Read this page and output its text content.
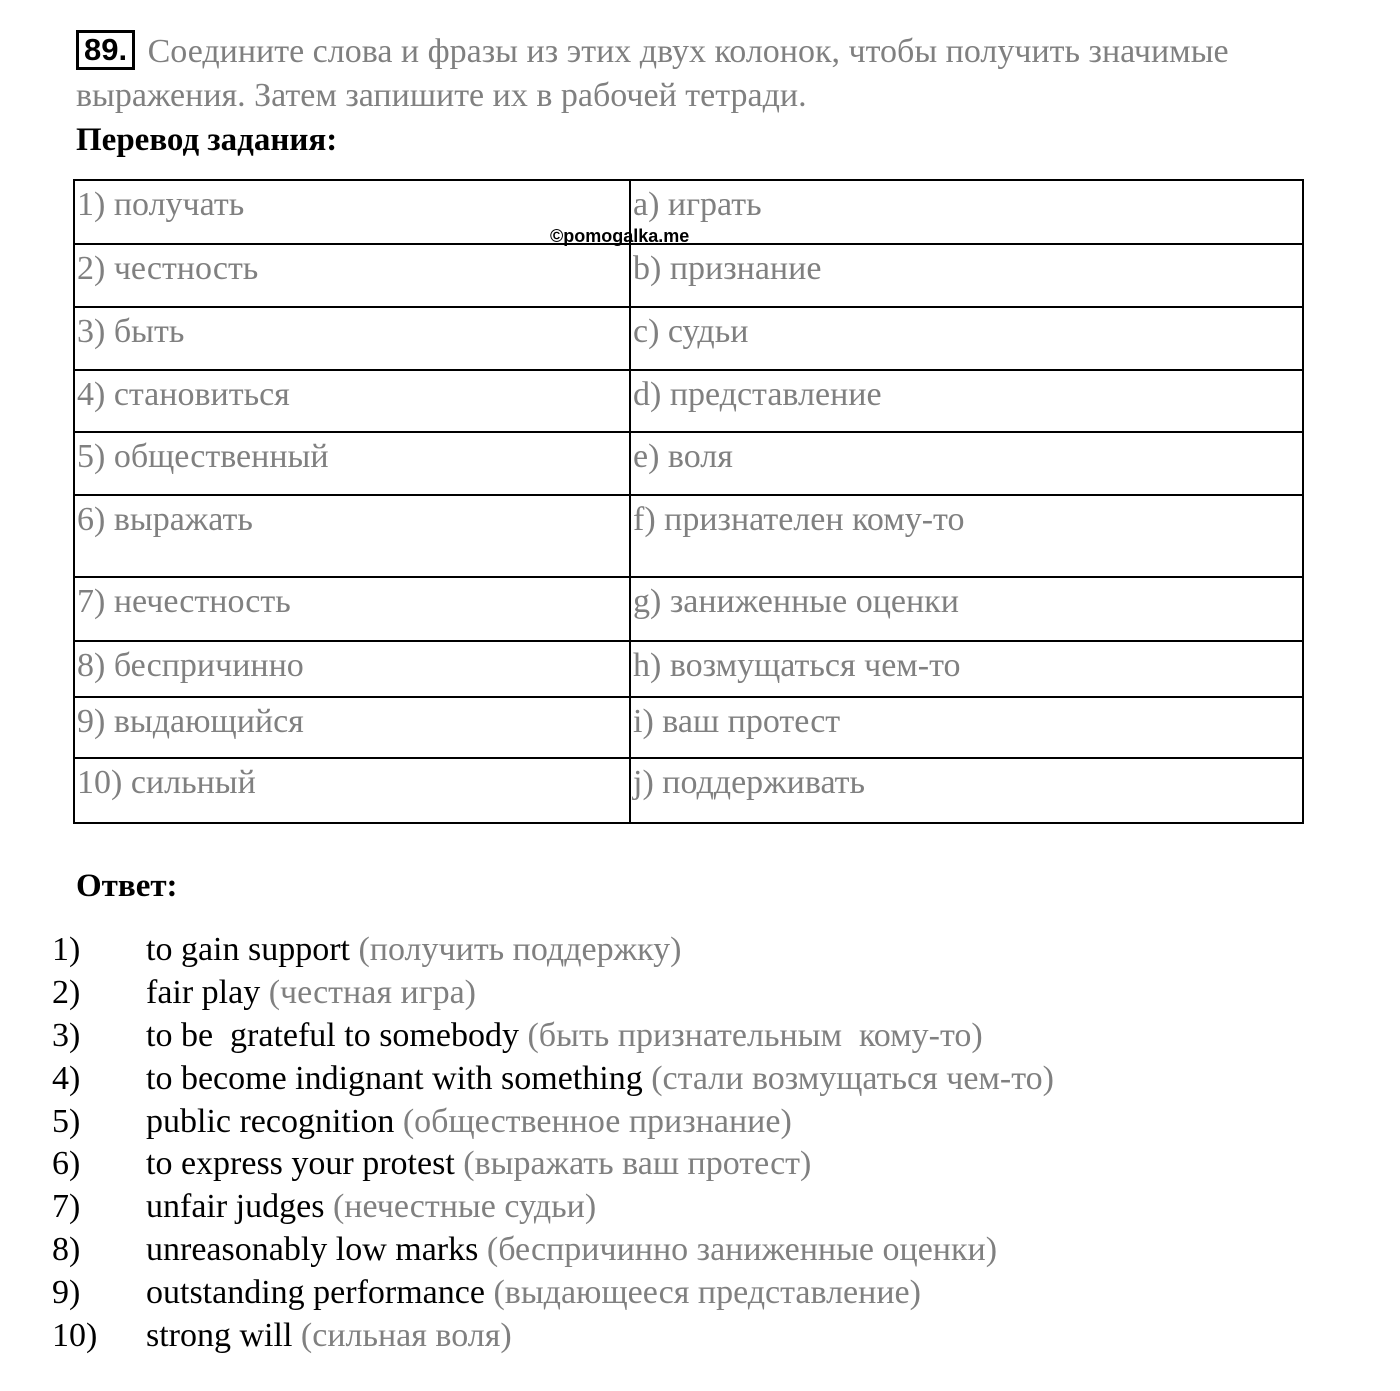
89. Соедините слова и фразы из этих двух колонок, чтобы получить значимые выражения. Затем запишите их в рабочей тетради.
Перевод задания:
1) получать	a) играть
2) честность	b) признание
3) быть	c) судьи
4) становиться	d) представление
5) общественный	e) воля
6) выражать	f) признателен кому-то
7) нечестность	g) заниженные оценки
8) беспричинно	h) возмущаться чем-то
9) выдающийся	i) ваш протест
10) сильный	j) поддерживать
©pomogalka.me
Ответ:
1) to gain support (получить поддержку)
2) fair play (честная игра)
3) to be  grateful to somebody (быть признательным  кому-то)
4) to become indignant with something (стали возмущаться чем-то)
5) public recognition (общественное признание)
6) to express your protest (выражать ваш протест)
7) unfair judges (нечестные судьи)
8) unreasonably low marks (беспричинно заниженные оценки)
9) outstanding performance (выдающееся представление)
10) strong will (сильная воля)
